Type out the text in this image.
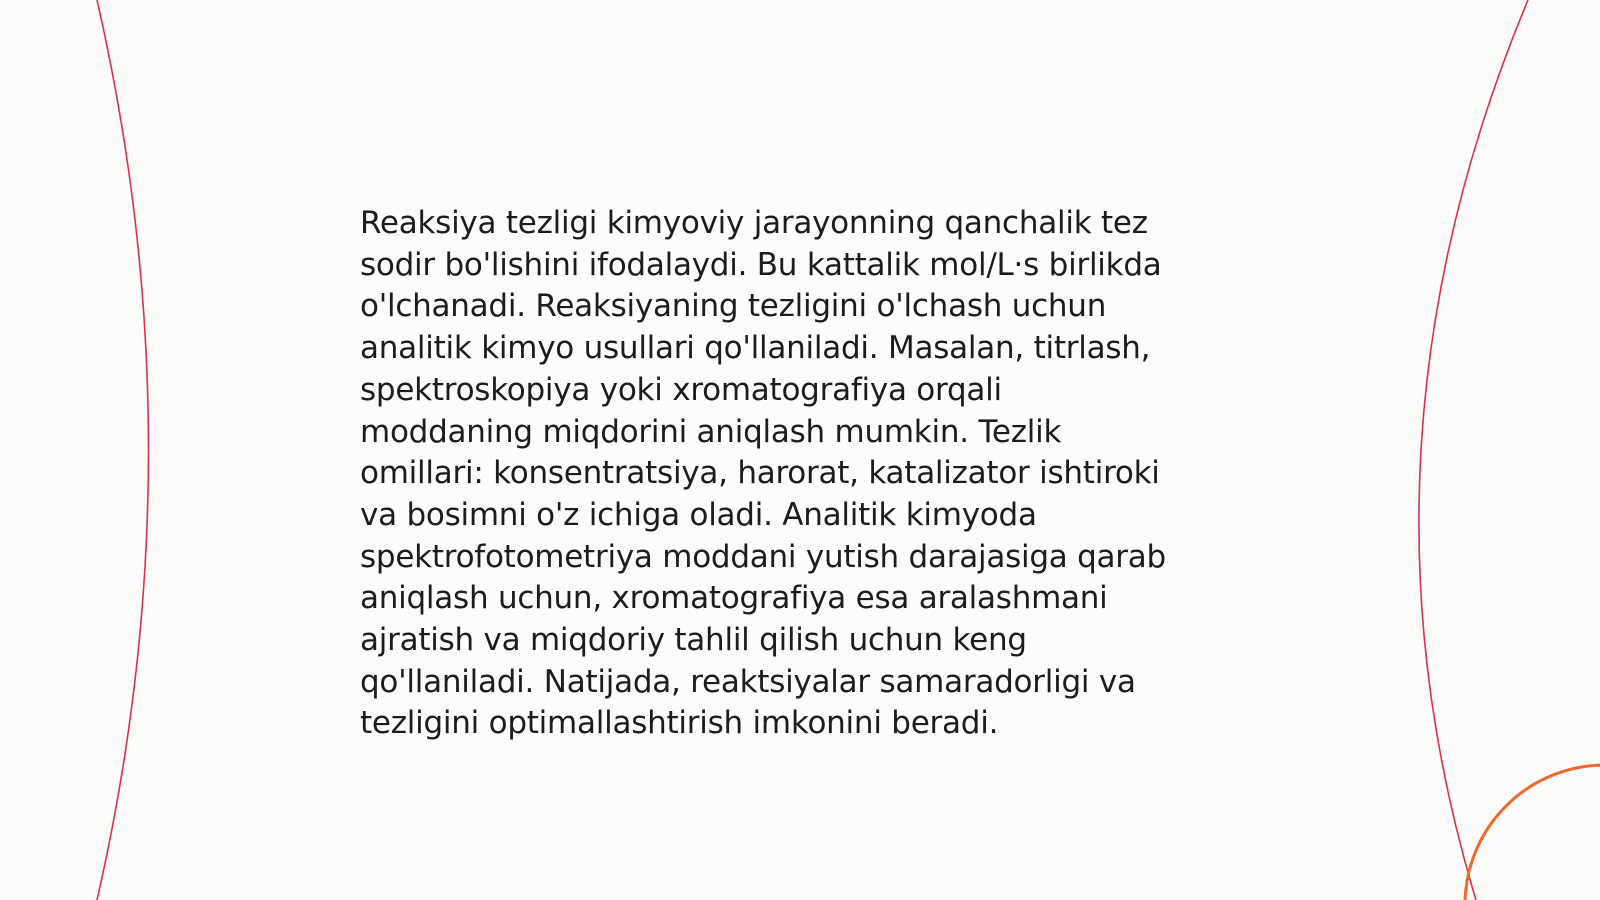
Reaksiya tezligi kimyoviy jarayonning qanchalik tez
sodir bo'lishini ifodalaydi. Bu kattalik mol/L·s birlikda
o'lchanadi. Reaksiyaning tezligini o'lchash uchun
analitik kimyo usullari qo'llaniladi. Masalan, titrlash,
spektroskopiya yoki xromatografiya orqali
moddaning miqdorini aniqlash mumkin. Tezlik
omillari: konsentratsiya, harorat, katalizator ishtiroki
va bosimni o'z ichiga oladi. Analitik kimyoda
spektrofotometriya moddani yutish darajasiga qarab
aniqlash uchun, xromatografiya esa aralashmani
ajratish va miqdoriy tahlil qilish uchun keng
qo'llaniladi. Natijada, reaktsiyalar samaradorligi va
tezligini optimallashtirish imkonini beradi.
